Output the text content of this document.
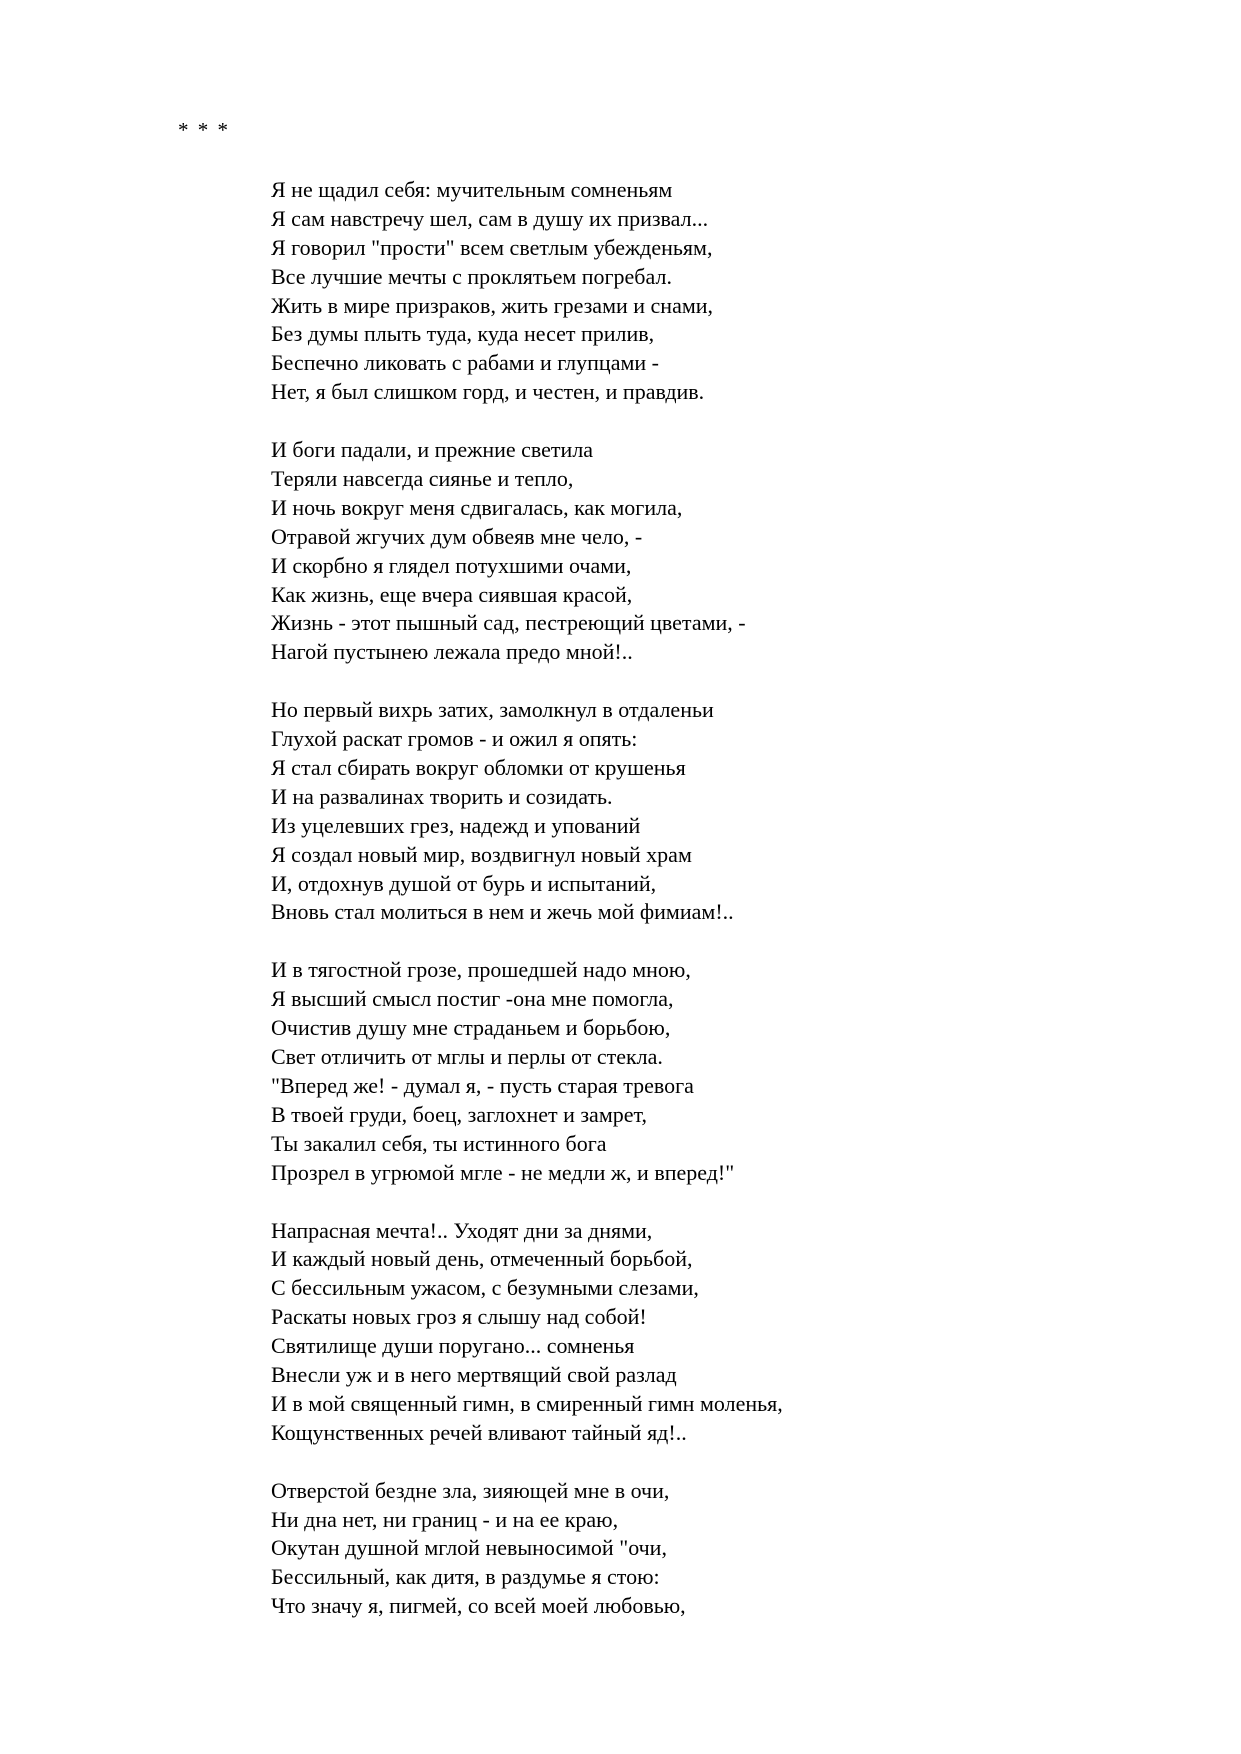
* * *
Я не щадил себя: мучительным сомненьям
Я сам навстречу шел, сам в душу их призвал...
Я говорил "прости" всем светлым убежденьям,
Все лучшие мечты с проклятьем погребал.
Жить в мире призраков, жить грезами и снами,
Без думы плыть туда, куда несет прилив,
Беспечно ликовать с рабами и глупцами -
Нет, я был слишком горд, и честен, и правдив.
И боги падали, и прежние светила
Теряли навсегда сиянье и тепло,
И ночь вокруг меня сдвигалась, как могила,
Отравой жгучих дум обвеяв мне чело, -
И скорбно я глядел потухшими очами,
Как жизнь, еще вчера сиявшая красой,
Жизнь - этот пышный сад, пестреющий цветами, -
Нагой пустынею лежала предо мной!..
Но первый вихрь затих, замолкнул в отдаленьи
Глухой раскат громов - и ожил я опять:
Я стал сбирать вокруг обломки от крушенья
И на развалинах творить и созидать.
Из уцелевших грез, надежд и упований
Я создал новый мир, воздвигнул новый храм
И, отдохнув душой от бурь и испытаний,
Вновь стал молиться в нем и жечь мой фимиам!..
И в тягостной грозе, прошедшей надо мною,
Я высший смысл постиг -она мне помогла,
Очистив душу мне страданьем и борьбою,
Свет отличить от мглы и перлы от стекла.
"Вперед же! - думал я, - пусть старая тревога
В твоей груди, боец, заглохнет и замрет,
Ты закалил себя, ты истинного бога
Прозрел в угрюмой мгле - не медли ж, и вперед!"
Напрасная мечта!.. Уходят дни за днями,
И каждый новый день, отмеченный борьбой,
С бессильным ужасом, с безумными слезами,
Раскаты новых гроз я слышу над собой!
Святилище души поругано... сомненья
Внесли уж и в него мертвящий свой разлад
И в мой священный гимн, в смиренный гимн моленья,
Кощунственных речей вливают тайный яд!..
Отверстой бездне зла, зияющей мне в очи,
Ни дна нет, ни границ - и на ее краю,
Окутан душной мглой невыносимой "очи,
Бессильный, как дитя, в раздумье я стою:
Что значу я, пигмей, со всей моей любовью,
